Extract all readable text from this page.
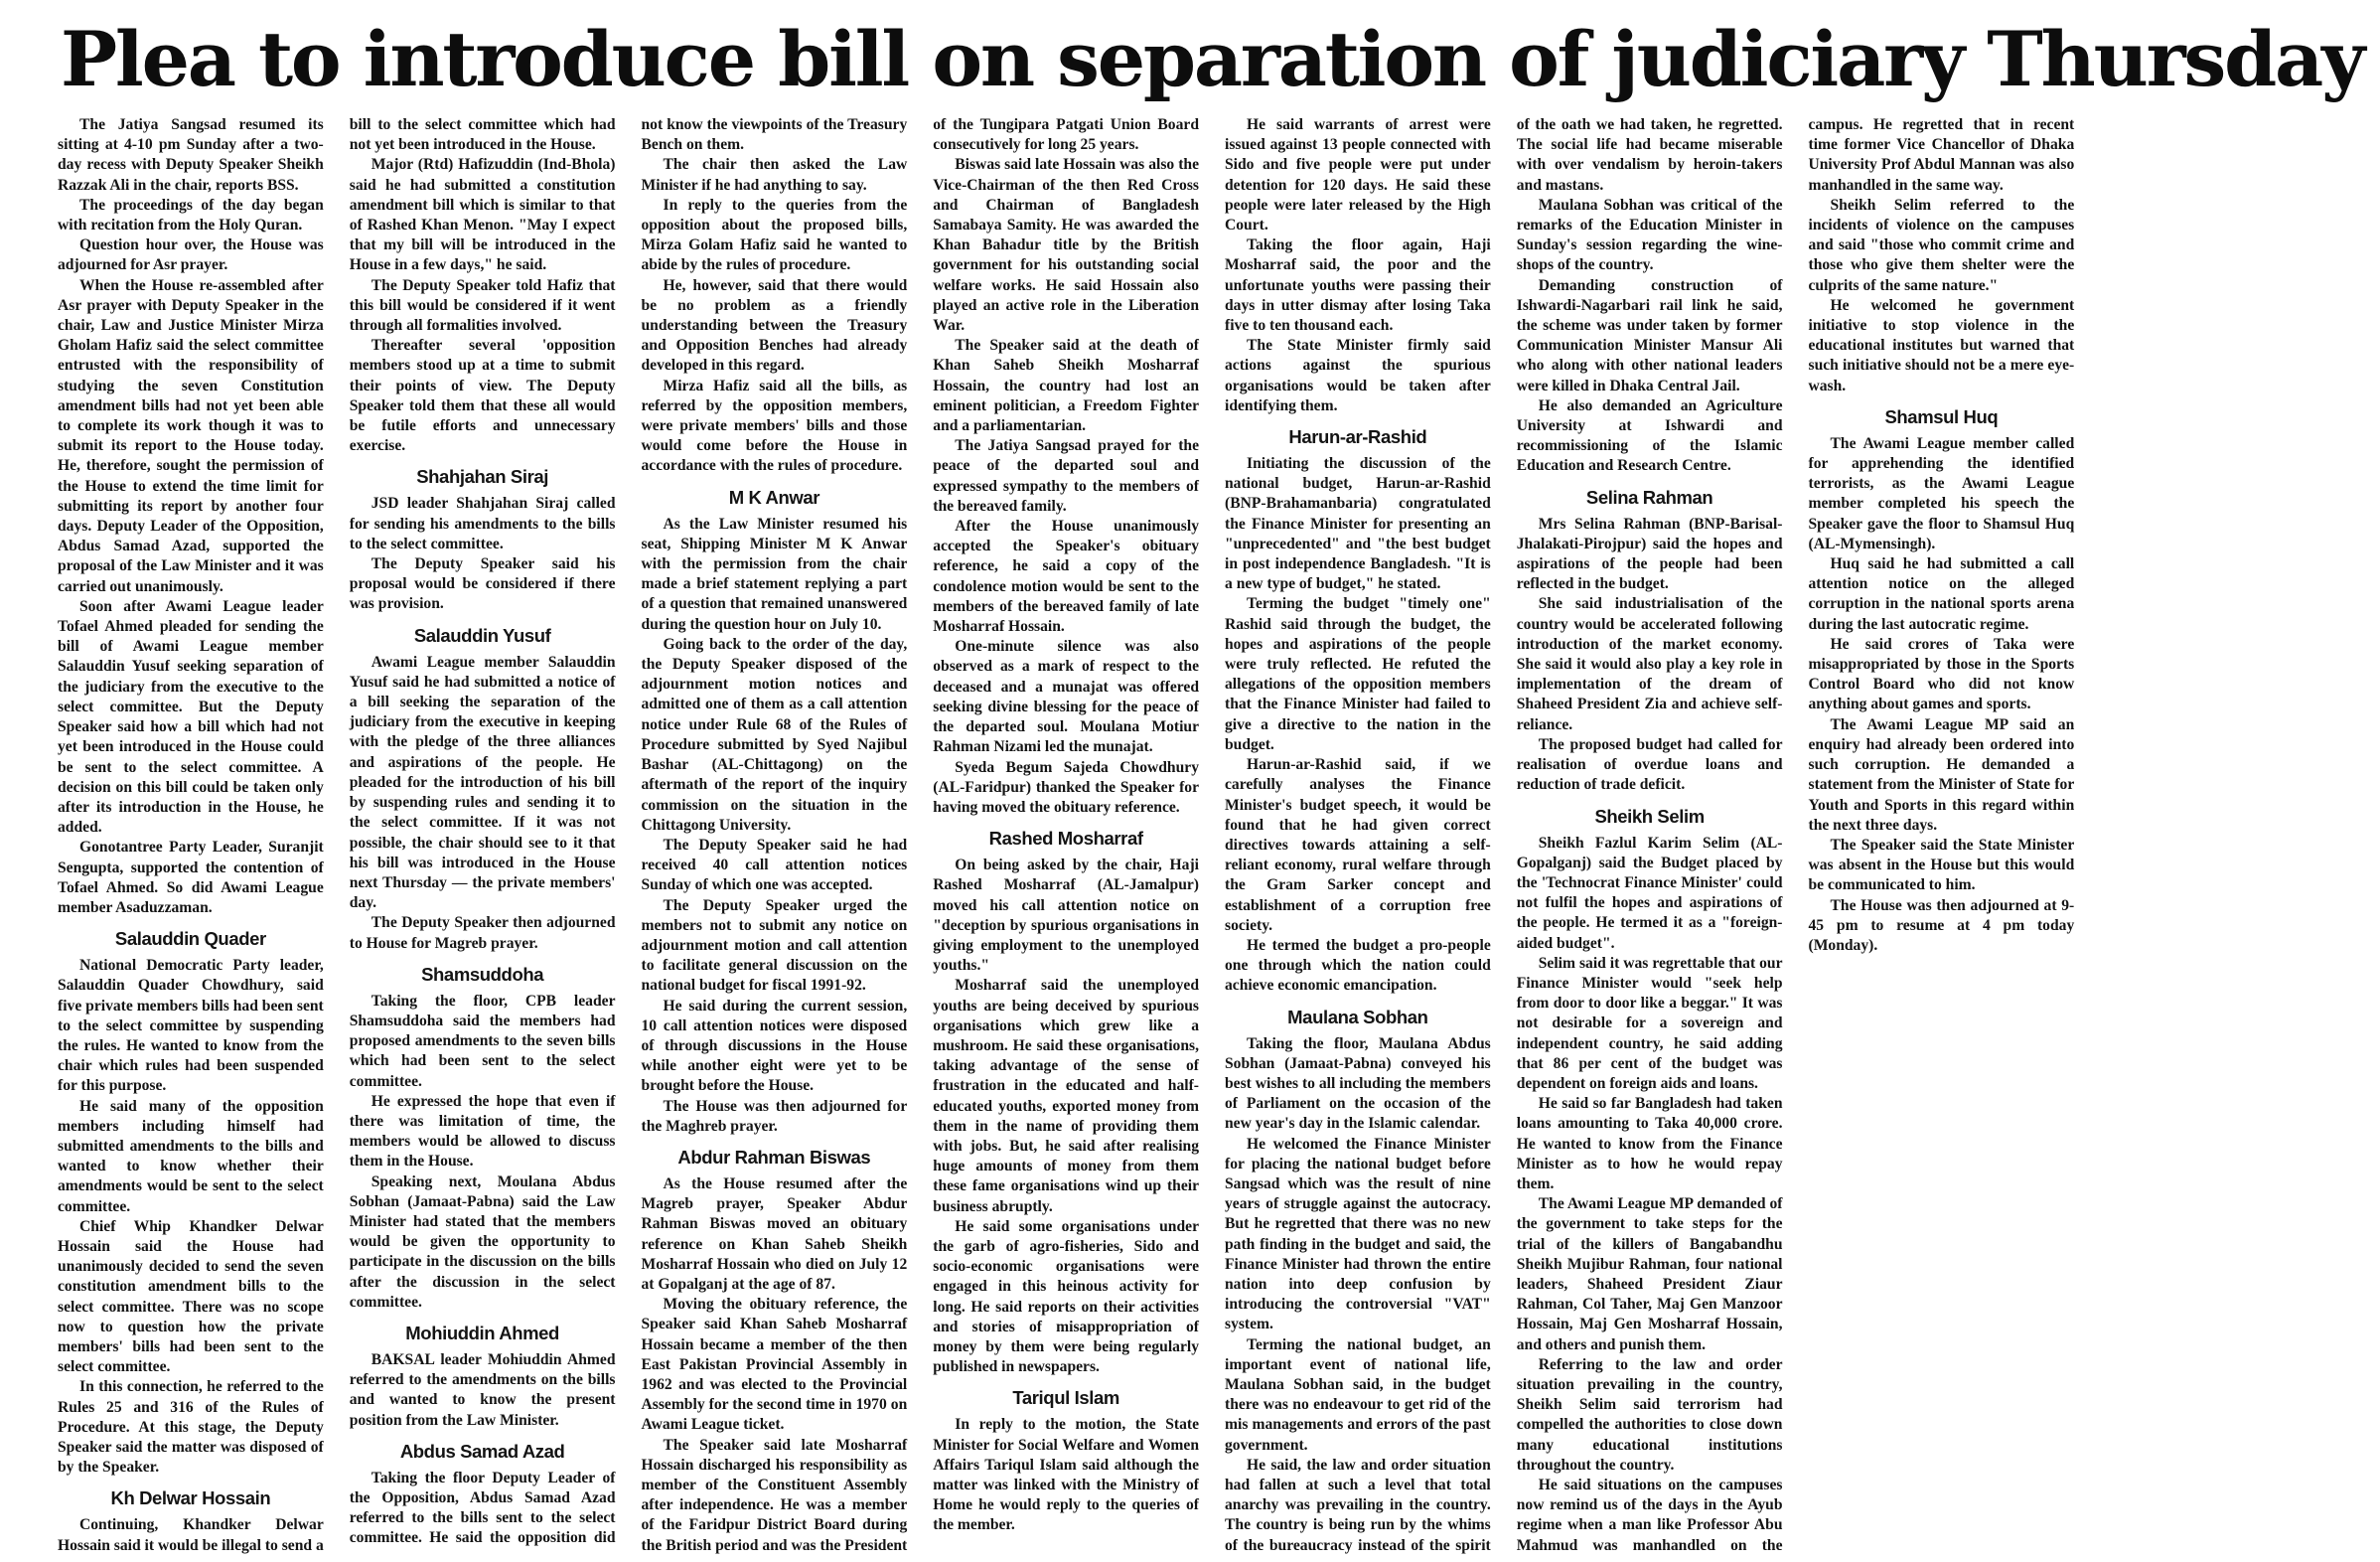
Plea to introduce bill on separation of judiciary Thursday

The Jatiya Sangsad resumed its sitting at 4-10 pm Sunday after a two-day recess with Deputy Speaker Sheikh Razzak Ali in the chair, reports BSS.

The proceedings of the day began with recitation from the Holy Quran.

Question hour over, the House was adjourned for Asr prayer.

When the House re-assembled after Asr prayer with Deputy Speaker in the chair, Law and Justice Minister Mirza Gholam Hafiz said the select committee entrusted with the responsibility of studying the seven Constitution amendment bills had not yet been able to complete its work though it was to submit its report to the House today. He, therefore, sought the permission of the House to extend the time limit for submitting its report by another four days. Deputy Leader of the Opposition, Abdus Samad Azad, supported the proposal of the Law Minister and it was carried out unanimously.

Soon after Awami League leader Tofael Ahmed pleaded for sending the bill of Awami League member Salauddin Yusuf seeking separation of the judiciary from the executive to the select committee. But the Deputy Speaker said how a bill which had not yet been introduced in the House could be sent to the select committee. A decision on this bill could be taken only after its introduction in the House, he added.

Gonotantree Party Leader, Suranjit Sengupta, supported the contention of Tofael Ahmed. So did Awami League member Asaduzzaman.

Salauddin Quader

National Democratic Party leader, Salauddin Quader Chowdhury, said five private members bills had been sent to the select committee by suspending the rules. He wanted to know from the chair which rules had been suspended for this purpose.

He said many of the opposition members including himself had submitted amendments to the bills and wanted to know whether their amendments would be sent to the select committee.

Chief Whip Khandker Delwar Hossain said the House had unanimously decided to send the seven constitution amendment bills to the select committee. There was no scope now to question how the private members' bills had been sent to the select committee.

In this connection, he referred to the Rules 25 and 316 of the Rules of Procedure. At this stage, the Deputy Speaker said the matter was disposed of by the Speaker.

Kh Delwar Hossain

Continuing, Khandker Delwar Hossain said it would be illegal to send a bill to the select committee which had not yet been introduced in the House.

Major (Rtd) Hafizuddin (Ind-Bhola) said he had submitted a constitution amendment bill which is similar to that of Rashed Khan Menon. "May I expect that my bill will be introduced in the House in a few days," he said.

The Deputy Speaker told Hafiz that this bill would be considered if it went through all formalities involved.

Thereafter several 'opposition members stood up at a time to submit their points of view. The Deputy Speaker told them that these all would be futile efforts and unnecessary exercise.

Shahjahan Siraj

JSD leader Shahjahan Siraj called for sending his amendments to the bills to the select committee.

The Deputy Speaker said his proposal would be considered if there was provision.

Salauddin Yusuf

Awami League member Salauddin Yusuf said he had submitted a notice of a bill seeking the separation of the judiciary from the executive in keeping with the pledge of the three alliances and aspirations of the people. He pleaded for the introduction of his bill by suspending rules and sending it to the select committee. If it was not possible, the chair should see to it that his bill was introduced in the House next Thursday — the private members' day.

The Deputy Speaker then adjourned to House for Magreb prayer.

Shamsuddoha

Taking the floor, CPB leader Shamsuddoha said the members had proposed amendments to the seven bills which had been sent to the select committee.

He expressed the hope that even if there was limitation of time, the members would be allowed to discuss them in the House.

Speaking next, Moulana Abdus Sobhan (Jamaat-Pabna) said the Law Minister had stated that the members would be given the opportunity to participate in the discussion on the bills after the discussion in the select committee.

Mohiuddin Ahmed

BAKSAL leader Mohiuddin Ahmed referred to the amendments on the bills and wanted to know the present position from the Law Minister.

Abdus Samad Azad

Taking the floor Deputy Leader of the Opposition, Abdus Samad Azad referred to the bills sent to the select committee. He said the opposition did not know the viewpoints of the Treasury Bench on them.

The chair then asked the Law Minister if he had anything to say.

In reply to the queries from the opposition about the proposed bills, Mirza Golam Hafiz said he wanted to abide by the rules of procedure.

He, however, said that there would be no problem as a friendly understanding between the Treasury and Opposition Benches had already developed in this regard.

Mirza Hafiz said all the bills, as referred by the opposition members, were private members' bills and those would come before the House in accordance with the rules of procedure.

M K Anwar

As the Law Minister resumed his seat, Shipping Minister M K Anwar with the permission from the chair made a brief statement replying a part of a question that remained unanswered during the question hour on July 10.

Going back to the order of the day, the Deputy Speaker disposed of the adjournment motion notices and admitted one of them as a call attention notice under Rule 68 of the Rules of Procedure submitted by Syed Najibul Bashar (AL-Chittagong) on the aftermath of the report of the inquiry commission on the situation in the Chittagong University.

The Deputy Speaker said he had received 40 call attention notices Sunday of which one was accepted.

The Deputy Speaker urged the members not to submit any notice on adjournment motion and call attention to facilitate general discussion on the national budget for fiscal 1991-92.

He said during the current session, 10 call attention notices were disposed of through discussions in the House while another eight were yet to be brought before the House.

The House was then adjourned for the Maghreb prayer.

Abdur Rahman Biswas

As the House resumed after the Magreb prayer, Speaker Abdur Rahman Biswas moved an obituary reference on Khan Saheb Sheikh Mosharraf Hossain who died on July 12 at Gopalganj at the age of 87.

Moving the obituary reference, the Speaker said Khan Saheb Mosharraf Hossain became a member of the then East Pakistan Provincial Assembly in 1962 and was elected to the Provincial Assembly for the second time in 1970 on Awami League ticket.

The Speaker said late Mosharraf Hossain discharged his responsibility as member of the Constituent Assembly after independence. He was a member of the Faridpur District Board during the British period and was the President of the Tungipara Patgati Union Board consecutively for long 25 years.

Biswas said late Hossain was also the Vice-Chairman of the then Red Cross and Chairman of Bangladesh Samabaya Samity. He was awarded the Khan Bahadur title by the British government for his outstanding social welfare works. He said Hossain also played an active role in the Liberation War.

The Speaker said at the death of Khan Saheb Sheikh Mosharraf Hossain, the country had lost an eminent politician, a Freedom Fighter and a parliamentarian.

The Jatiya Sangsad prayed for the peace of the departed soul and expressed sympathy to the members of the bereaved family.

After the House unanimously accepted the Speaker's obituary reference, he said a copy of the condolence motion would be sent to the members of the bereaved family of late Mosharraf Hossain.

One-minute silence was also observed as a mark of respect to the deceased and a munajat was offered seeking divine blessing for the peace of the departed soul. Moulana Motiur Rahman Nizami led the munajat.

Syeda Begum Sajeda Chowdhury (AL-Faridpur) thanked the Speaker for having moved the obituary reference.

Rashed Mosharraf

On being asked by the chair, Haji Rashed Mosharraf (AL-Jamalpur) moved his call attention notice on "deception by spurious organisations in giving employment to the unemployed youths."

Mosharraf said the unemployed youths are being deceived by spurious organisations which grew like a mushroom. He said these organisations, taking advantage of the sense of frustration in the educated and half-educated youths, exported money from them in the name of providing them with jobs. But, he said after realising huge amounts of money from them these fame organisations wind up their business abruptly.

He said some organisations under the garb of agro-fisheries, Sido and socio-economic organisations were engaged in this heinous activity for long. He said reports on their activities and stories of misappropriation of money by them were being regularly published in newspapers.

Tariqul Islam

In reply to the motion, the State Minister for Social Welfare and Women Affairs Tariqul Islam said although the matter was linked with the Ministry of Home he would reply to the queries of the member.

He said warrants of arrest were issued against 13 people connected with Sido and five people were put under detention for 120 days. He said these people were later released by the High Court.

Taking the floor again, Haji Mosharraf said, the poor and the unfortunate youths were passing their days in utter dismay after losing Taka five to ten thousand each.

The State Minister firmly said actions against the spurious organisations would be taken after identifying them.

Harun-ar-Rashid

Initiating the discussion of the national budget, Harun-ar-Rashid (BNP-Brahamanbaria) congratulated the Finance Minister for presenting an "unprecedented" and "the best budget in post independence Bangladesh. "It is a new type of budget," he stated.

Terming the budget "timely one" Rashid said through the budget, the hopes and aspirations of the people were truly reflected. He refuted the allegations of the opposition members that the Finance Minister had failed to give a directive to the nation in the budget.

Harun-ar-Rashid said, if we carefully analyses the Finance Minister's budget speech, it would be found that he had given correct directives towards attaining a self-reliant economy, rural welfare through the Gram Sarker concept and establishment of a corruption free society.

He termed the budget a pro-people one through which the nation could achieve economic emancipation.

Maulana Sobhan

Taking the floor, Maulana Abdus Sobhan (Jamaat-Pabna) conveyed his best wishes to all including the members of Parliament on the occasion of the new year's day in the Islamic calendar.

He welcomed the Finance Minister for placing the national budget before Sangsad which was the result of nine years of struggle against the autocracy. But he regretted that there was no new path finding in the budget and said, the Finance Minister had thrown the entire nation into deep confusion by introducing the controversial "VAT" system.

Terming the national budget, an important event of national life, Maulana Sobhan said, in the budget there was no endeavour to get rid of the mis managements and errors of the past government.

He said, the law and order situation had fallen at such a level that total anarchy was prevailing in the country. The country is being run by the whims of the bureaucracy instead of the spirit of the oath we had taken, he regretted. The social life had became miserable with over vendalism by heroin-takers and mastans.

Maulana Sobhan was critical of the remarks of the Education Minister in Sunday's session regarding the wine-shops of the country.

Demanding construction of Ishwardi-Nagarbari rail link he said, the scheme was under taken by former Communication Minister Mansur Ali who along with other national leaders were killed in Dhaka Central Jail.

He also demanded an Agriculture University at Ishwardi and recommissioning of the Islamic Education and Research Centre.

Selina Rahman

Mrs Selina Rahman (BNP-Barisal-Jhalakati-Pirojpur) said the hopes and aspirations of the people had been reflected in the budget.

She said industrialisation of the country would be accelerated following introduction of the market economy. She said it would also play a key role in implementation of the dream of Shaheed President Zia and achieve self-reliance.

The proposed budget had called for realisation of overdue loans and reduction of trade deficit.

Sheikh Selim

Sheikh Fazlul Karim Selim (AL-Gopalganj) said the Budget placed by the 'Technocrat Finance Minister' could not fulfil the hopes and aspirations of the people. He termed it as a "foreign-aided budget".

Selim said it was regrettable that our Finance Minister would "seek help from door to door like a beggar." It was not desirable for a sovereign and independent country, he said adding that 86 per cent of the budget was dependent on foreign aids and loans.

He said so far Bangladesh had taken loans amounting to Taka 40,000 crore. He wanted to know from the Finance Minister as to how he would repay them.

The Awami League MP demanded of the government to take steps for the trial of the killers of Bangabandhu Sheikh Mujibur Rahman, four national leaders, Shaheed President Ziaur Rahman, Col Taher, Maj Gen Manzoor Hossain, Maj Gen Mosharraf Hossain, and others and punish them.

Referring to the law and order situation prevailing in the country, Sheikh Selim said terrorism had compelled the authorities to close down many educational institutions throughout the country.

He said situations on the campuses now remind us of the days in the Ayub regime when a man like Professor Abu Mahmud was manhandled on the campus. He regretted that in recent time former Vice Chancellor of Dhaka University Prof Abdul Mannan was also manhandled in the same way.

Sheikh Selim referred to the incidents of violence on the campuses and said "those who commit crime and those who give them shelter were the culprits of the same nature."

He welcomed he government initiative to stop violence in the educational institutes but warned that such initiative should not be a mere eye-wash.

Shamsul Huq

The Awami League member called for apprehending the identified terrorists, as the Awami League member completed his speech the Speaker gave the floor to Shamsul Huq (AL-Mymensingh).

Huq said he had submitted a call attention notice on the alleged corruption in the national sports arena during the last autocratic regime.

He said crores of Taka were misappropriated by those in the Sports Control Board who did not know anything about games and sports.

The Awami League MP said an enquiry had already been ordered into such corruption. He demanded a statement from the Minister of State for Youth and Sports in this regard within the next three days.

The Speaker said the State Minister was absent in the House but this would be communicated to him.

The House was then adjourned at 9-45 pm to resume at 4 pm today (Monday).
